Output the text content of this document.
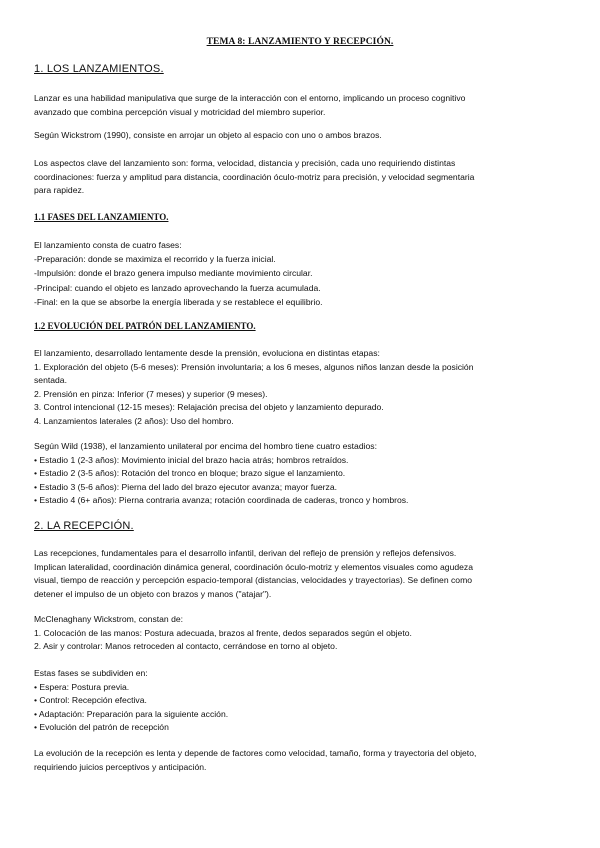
TEMA 8: LANZAMIENTO Y RECEPCIÓN.
1. LOS LANZAMIENTOS.
Lanzar es una habilidad manipulativa que surge de la interacción con el entorno, implicando un proceso cognitivo
avanzado que combina percepción visual y motricidad del miembro superior.
Según Wickstrom (1990), consiste en arrojar un objeto al espacio con uno o ambos brazos.
Los aspectos clave del lanzamiento son: forma, velocidad, distancia y precisión, cada uno requiriendo distintas
coordinaciones: fuerza y amplitud para distancia, coordinación óculo-motriz para precisión, y velocidad segmentaria
para rapidez.
1.1 FASES DEL LANZAMIENTO.
El lanzamiento consta de cuatro fases:
-Preparación: donde se maximiza el recorrido y la fuerza inicial.
-Impulsión: donde el brazo genera impulso mediante movimiento circular.
-Principal: cuando el objeto es lanzado aprovechando la fuerza acumulada.
-Final: en la que se absorbe la energía liberada y se restablece el equilibrio.
1.2 EVOLUCIÓN DEL PATRÓN DEL LANZAMIENTO.
El lanzamiento, desarrollado lentamente desde la prensión, evoluciona en distintas etapas:
1. Exploración del objeto (5-6 meses): Prensión involuntaria; a los 6 meses, algunos niños lanzan desde la posición
sentada.
2. Prensión en pinza: Inferior (7 meses) y superior (9 meses).
3. Control intencional (12-15 meses): Relajación precisa del objeto y lanzamiento depurado.
4. Lanzamientos laterales (2 años): Uso del hombro.
Según Wild (1938), el lanzamiento unilateral por encima del hombro tiene cuatro estadios:
• Estadio 1 (2-3 años): Movimiento inicial del brazo hacia atrás; hombros retraídos.
• Estadio 2 (3-5 años): Rotación del tronco en bloque; brazo sigue el lanzamiento.
• Estadio 3 (5-6 años): Pierna del lado del brazo ejecutor avanza; mayor fuerza.
• Estadio 4 (6+ años): Pierna contraria avanza; rotación coordinada de caderas, tronco y hombros.
2. LA RECEPCIÓN.
Las recepciones, fundamentales para el desarrollo infantil, derivan del reflejo de prensión y reflejos defensivos.
Implican lateralidad, coordinación dinámica general, coordinación óculo-motriz y elementos visuales como agudeza
visual, tiempo de reacción y percepción espacio-temporal (distancias, velocidades y trayectorias). Se definen como
detener el impulso de un objeto con brazos y manos ("atajar").
McClenaghany Wickstrom, constan de:
1. Colocación de las manos: Postura adecuada, brazos al frente, dedos separados según el objeto.
2. Asir y controlar: Manos retroceden al contacto, cerrándose en torno al objeto.
Estas fases se subdividen en:
• Espera: Postura previa.
• Control: Recepción efectiva.
• Adaptación: Preparación para la siguiente acción.
• Evolución del patrón de recepción
La evolución de la recepción es lenta y depende de factores como velocidad, tamaño, forma y trayectoria del objeto,
requiriendo juicios perceptivos y anticipación.
